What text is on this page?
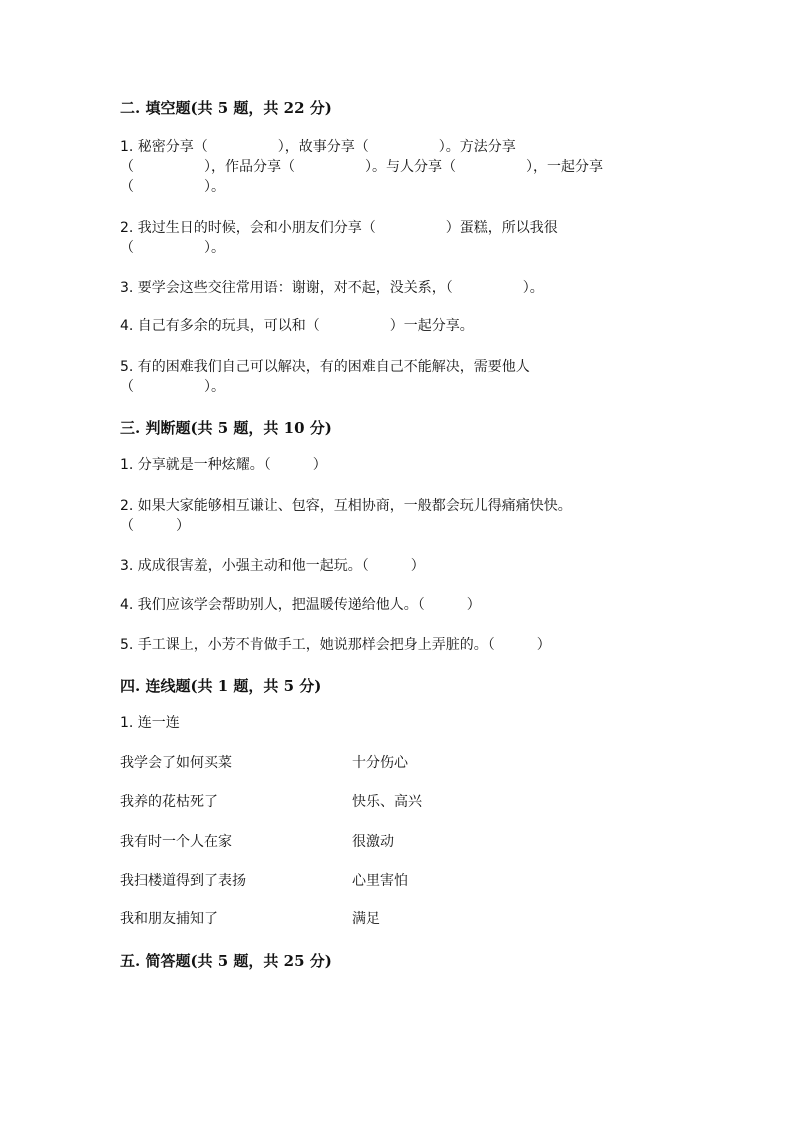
二. 填空题(共 5 题，共 22 分)
1. 秘密分享（　　　　　），故事分享（　　　　　）。方法分享
（　　　　　），作品分享（　　　　　）。与人分享（　　　　　），一起分享
（　　　　　）。
2. 我过生日的时候，会和小朋友们分享（　　　　　）蛋糕，所以我很
（　　　　　）。
3. 要学会这些交往常用语：谢谢，对不起，没关系，（　　　　　）。
4. 自己有多余的玩具，可以和（　　　　　）一起分享。
5. 有的困难我们自己可以解决，有的困难自己不能解决，需要他人
（　　　　　）。
三. 判断题(共 5 题，共 10 分)
1. 分享就是一种炫耀。（　　　）
2. 如果大家能够相互谦让、包容，互相协商，一般都会玩儿得痛痛快快。
（　　　）
3. 成成很害羞，小强主动和他一起玩。（　　　）
4. 我们应该学会帮助别人，把温暖传递给他人。（　　　）
5. 手工课上，小芳不肯做手工，她说那样会把身上弄脏的。（　　　）
四. 连线题(共 1 题，共 5 分)
1. 连一连
我学会了如何买菜	十分伤心
我养的花枯死了	快乐、高兴
我有时一个人在家	很激动
我扫楼道得到了表扬	心里害怕
我和朋友捕知了	满足
五. 简答题(共 5 题，共 25 分)
